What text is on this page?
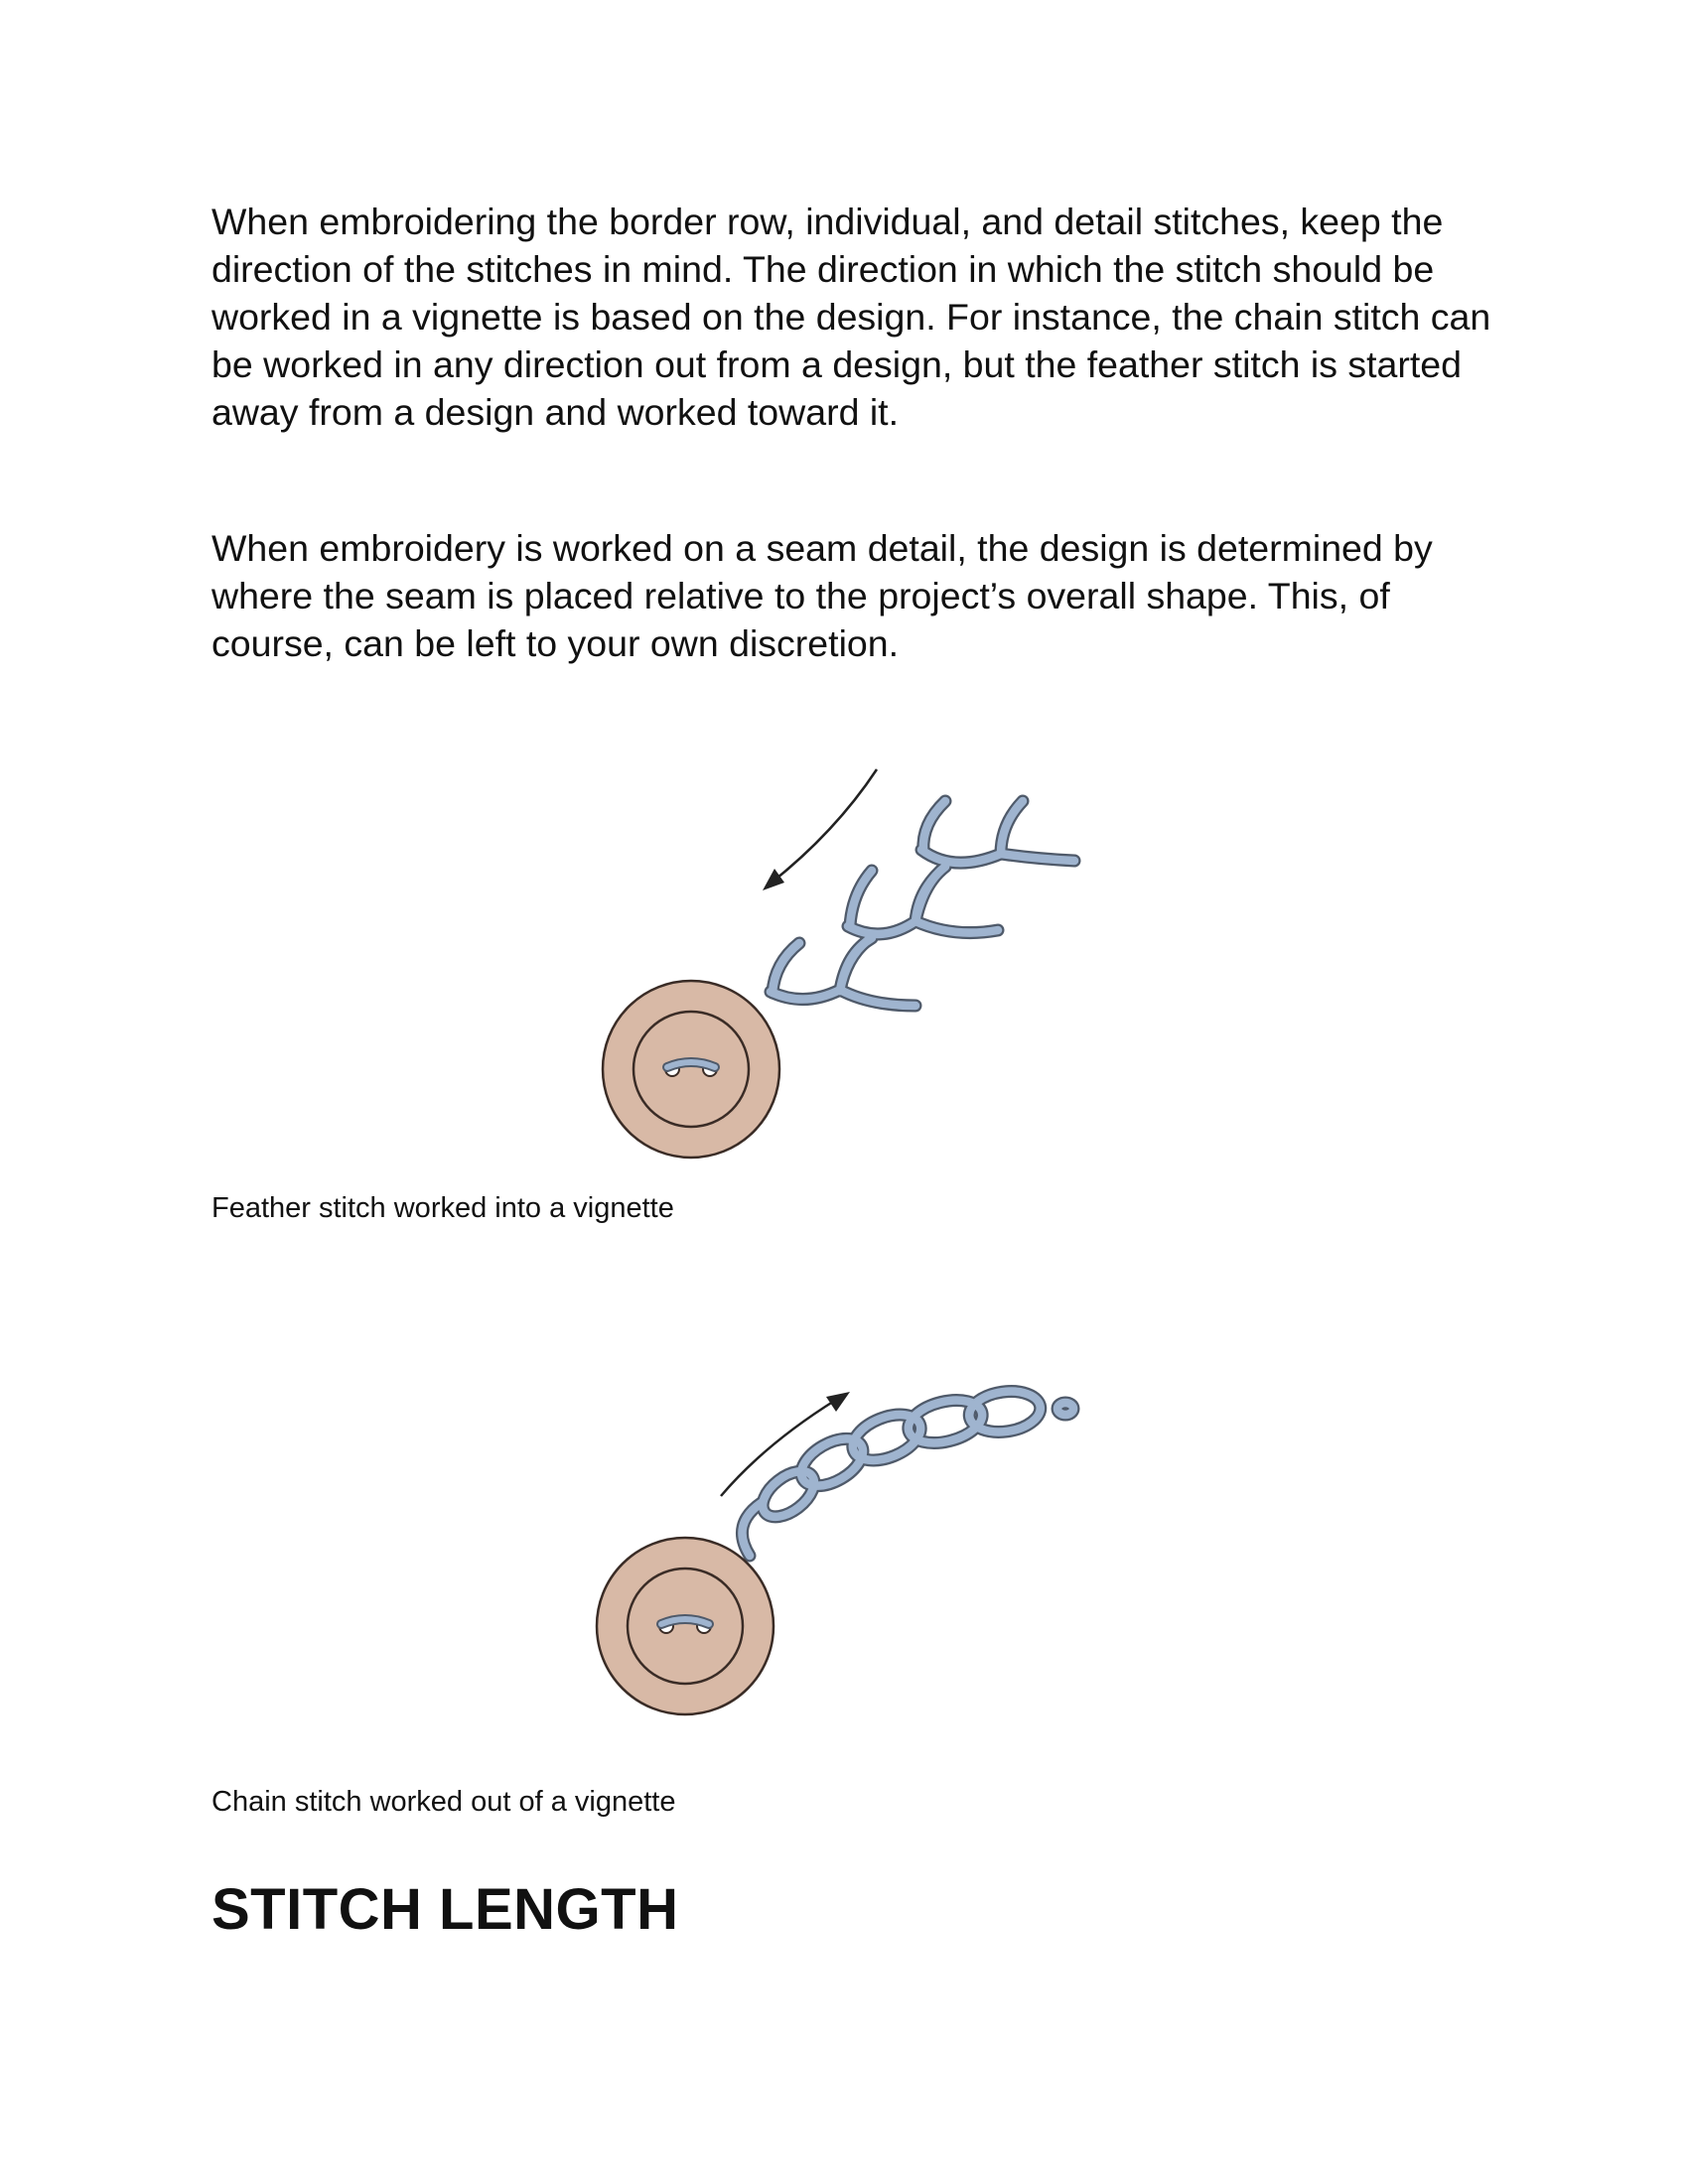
When embroidering the border row, individual, and detail stitches, keep the direction of the stitches in mind. The direction in which the stitch should be worked in a vignette is based on the design. For instance, the chain stitch can be worked in any direction out from a design, but the feather stitch is started away from a design and worked toward it.

When embroidery is worked on a seam detail, the design is determined by where the seam is placed relative to the project’s overall shape. This, of course, can be left to your own discretion.

Feather stitch worked into a vignette

Chain stitch worked out of a vignette

STITCH LENGTH
